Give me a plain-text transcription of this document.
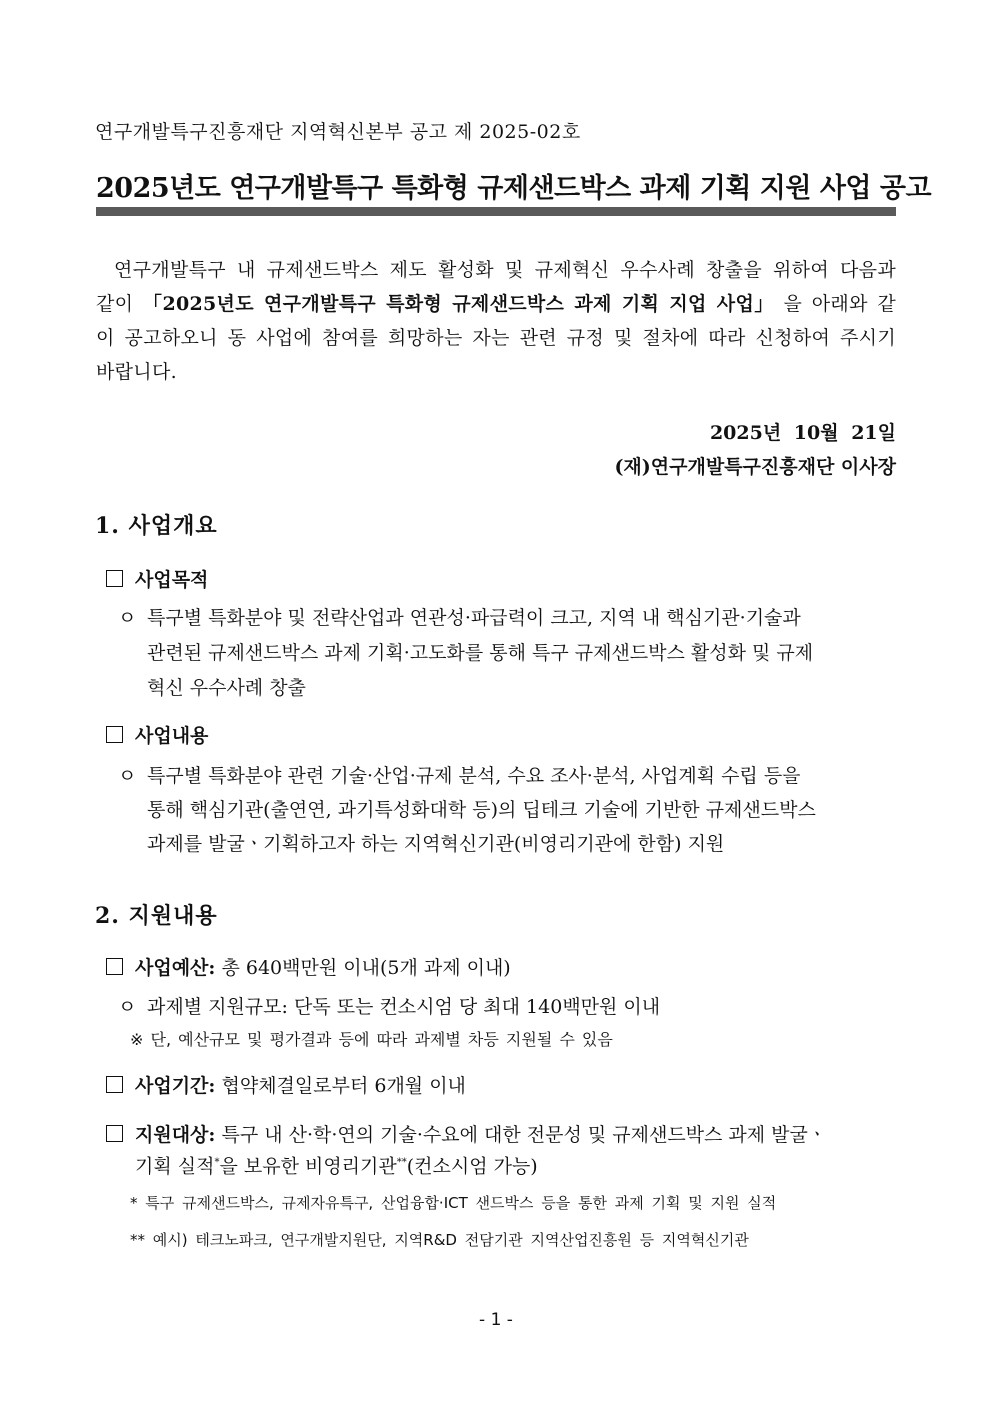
연구개발특구진흥재단 지역혁신본부 공고 제 2025-02호
2025년도 연구개발특구 특화형 규제샌드박스 과제 기획 지원 사업 공고
연구개발특구 내 규제샌드박스 제도 활성화 및 규제혁신 우수사례 창출을 위하여 다음과 같이 「2025년도 연구개발특구 특화형 규제샌드박스 과제 기획 지업 사업」 을 아래와 같이 공고하오니 동 사업에 참여를 희망하는 자는 관련 규정 및 절차에 따라 신청하여 주시기 바랍니다.
2025년 10월 21일
(재)연구개발특구진흥재단 이사장
1. 사업개요
사업목적
ㅇ 특구별 특화분야 및 전략산업과 연관성·파급력이 크고, 지역 내 핵심기관·기술과
관련된 규제샌드박스 과제 기획·고도화를 통해 특구 규제샌드박스 활성화 및 규제
혁신 우수사례 창출
사업내용
ㅇ 특구별 특화분야 관련 기술·산업·규제 분석, 수요 조사·분석, 사업계획 수립 등을
통해 핵심기관(출연연, 과기특성화대학 등)의 딥테크 기술에 기반한 규제샌드박스
과제를 발굴ㆍ기획하고자 하는 지역혁신기관(비영리기관에 한함) 지원
2. 지원내용
사업예산: 총 640백만원 이내(5개 과제 이내)
ㅇ 과제별 지원규모: 단독 또는 컨소시엄 당 최대 140백만원 이내
※ 단, 예산규모 및 평가결과 등에 따라 과제별 차등 지원될 수 있음
사업기간: 협약체결일로부터 6개월 이내
지원대상: 특구 내 산·학·연의 기술·수요에 대한 전문성 및 규제샌드박스 과제 발굴ㆍ
기획 실적*을 보유한 비영리기관**(컨소시엄 가능)
* 특구 규제샌드박스, 규제자유특구, 산업융합·ICT 샌드박스 등을 통한 과제 기획 및 지원 실적
** 예시) 테크노파크, 연구개발지원단, 지역R&D 전담기관 지역산업진흥원 등 지역혁신기관
- 1 -
